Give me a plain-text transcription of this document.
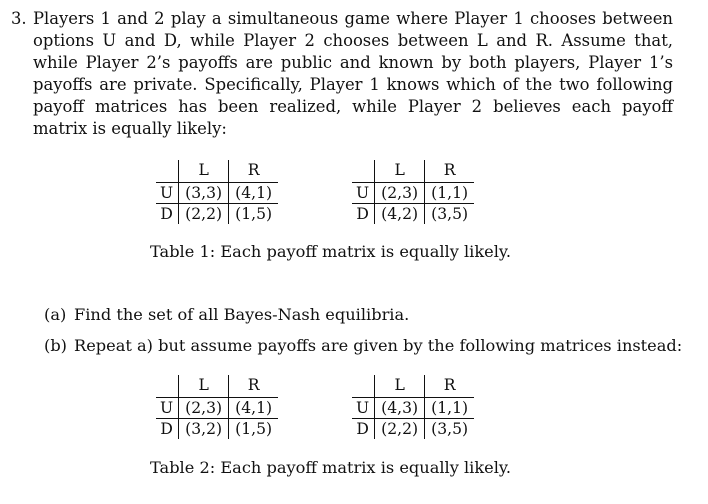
3. Players 1 and 2 play a simultaneous game where Player 1 chooses between options U and D, while Player 2 chooses between L and R. Assume that, while Player 2’s payoffs are public and known by both players, Player 1’s payoffs are private. Specifically, Player 1 knows which of the two following payoff matrices has been realized, while Player 2 believes each payoff matrix is equally likely:
	L	R
U	(3,3)	(4,1)
D	(2,2)	(1,5)
	L	R
U	(2,3)	(1,1)
D	(4,2)	(3,5)
Table 1: Each payoff matrix is equally likely.
(a) Find the set of all Bayes-Nash equilibria.
(b) Repeat a) but assume payoffs are given by the following matrices instead:
	L	R
U	(2,3)	(4,1)
D	(3,2)	(1,5)
	L	R
U	(4,3)	(1,1)
D	(2,2)	(3,5)
Table 2: Each payoff matrix is equally likely.
